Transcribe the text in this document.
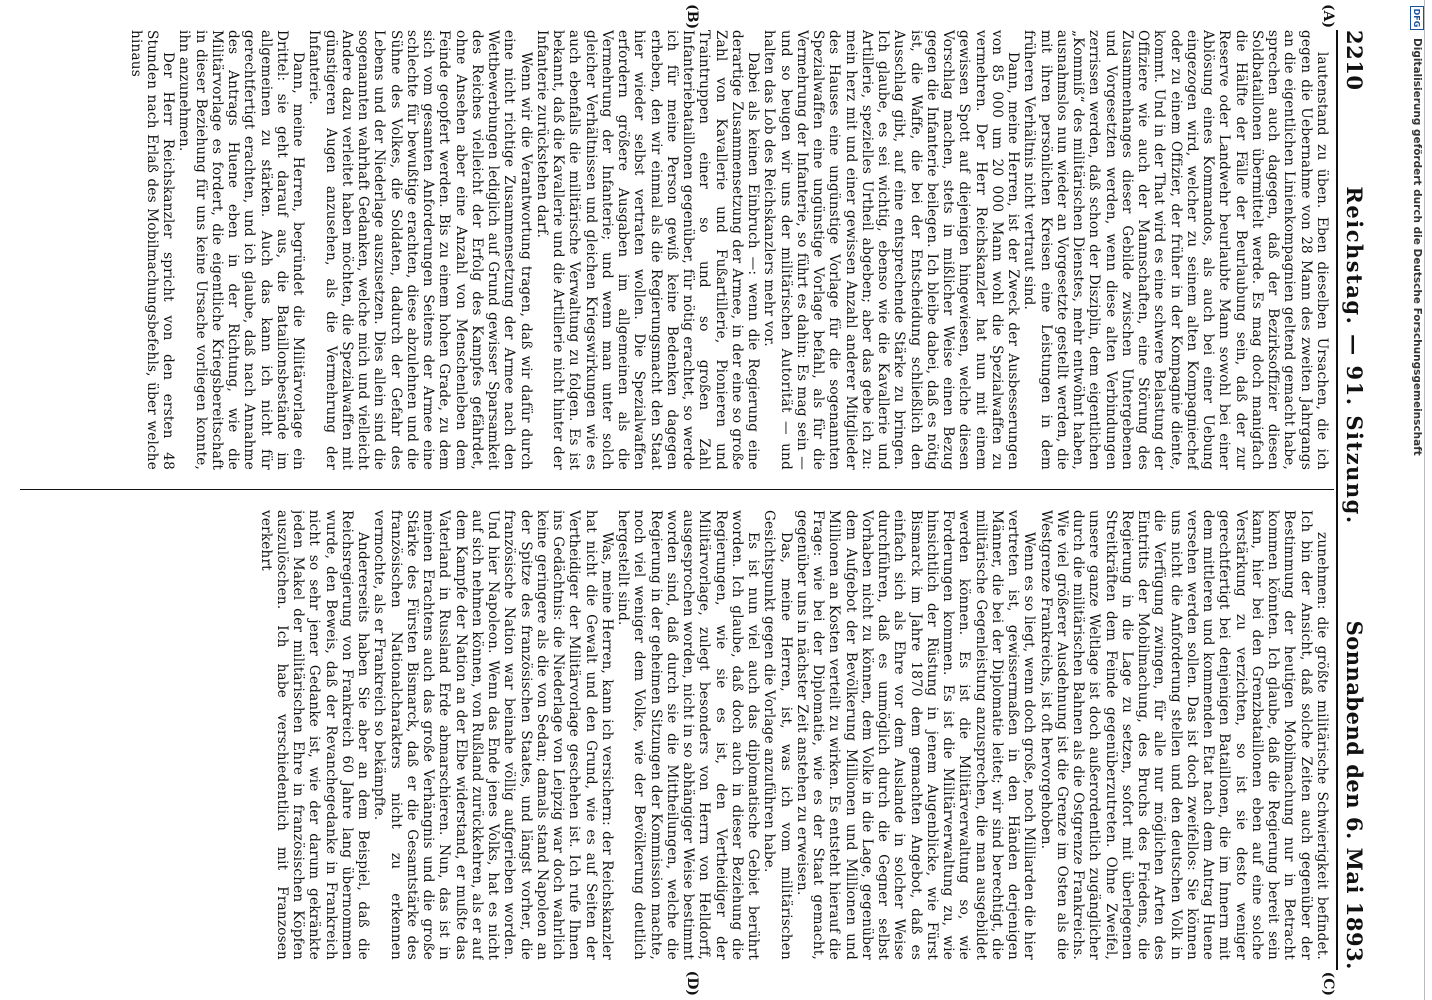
2210
Reichstag. — 91. Sitzung.
Sonnabend den 6. Mai 1893.
(A)
(B)
(C)
(D)

lautenstand zu üben. Eben dieselben Ursachen, die ich gegen die Uebernahme von 28 Mann des zweiten Jahrgangs an die eigentlichen Linienkompagnien geltend gemacht habe, sprechen auch dagegen, daß der Bezirksoffizier diesen Soldbataillonen übermittelt werde. Es mag doch manigfach die Hälfte der Fälle der Beurlaubung sein, daß der zur Reserve oder Landwehr beurlaubte Mann sowohl bei einer Ablösung eines Kommandos, als auch bei einer Uebung eingezogen wird, welcher zu seinem alten Kompagniechef oder zu einem Offizier, der früher in der Kompagnie diente, kommt. Und in der That wird es eine schwere Belastung der Offiziere wie auch der Mannschaften, eine Störung des Zusammenhanges dieser Gebilde zwischen Untergebenen und Vorgesetzten werden, wenn diese alten Verbindungen zerrissen werden, daß schon der Disziplin, dem eigentlichen „Kommiß“ des militärischen Dienstes, mehr entwöhnt haben, ausnahmslos nun wieder an Vorgesetzte gestellt werden, die mit ihren persönlichen Kreisen eine Leistungen in dem früheren Verhältnis nicht vertraut sind.

Dann, meine Herren, ist der Zweck der Ausbesserungen von 85 000 um 20 000 Mann wohl die Spezialwaffen zu vermehren. Der Herr Reichskanzler hat nun mit einem gewissen Spott auf diejenigen hingewiesen, welche diesen Vorschlag machen, stets in mißlicher Weise einen Bezug gegen die Infanterie beilegen. Ich bleibe dabei, daß es nötig ist, die Waffe, die bei der Entscheidung schließlich den Ausschlag gibt, auf eine entsprechende Stärke zu bringen. Ich glaube, es sei wichtig, ebenso wie die Kavallerie und Artillerie, spezielles Urtheil abgeben; aber das gebe ich zu: mein herz mit und einer gewissen Anzahl anderer Mitglieder des Hauses eine ungünstige Vorlage für die sogenannten Spezialwaffen eine ungünstige Vorlage befahl, als für die Vermehrung der Infanterie, so führt es dahin: Es mag sein — und so beugen wir uns der militärischen Autorität — und halten das Lob des Reichskanzlers mehr vor.

Dabei als keinen Einbruch —: wenn die Regierung eine derartige Zusammensetzung der Armee, in der eine so große Zahl von Kavallerie und Fußartillerie, Pionieren und Traintruppen einer so und so großen Zahl Infanteriebataillonen gegenüber, für nötig erachtet, so werde ich für meine Person gewiß keine Bedenken dagegen erheben, den wir einmal als die Regierungsmacht den Staat hier wieder selbst vertraten wollen. Die Spezialwaffen erfordern größere Ausgaben im allgemeinen als die Vermehrung der Infanterie; und wenn man unter solch gleicher Verhältnissen und gleichen Kriegswirkungen wie es auch ebenfalls die militärische Verwaltung zu folgen. Es ist bekannt, daß die Kavallerie und die Artillerie nicht hinter der Infanterie zurückstehen darf.

Wenn wir die Verantwortung tragen, daß wir dafür durch eine nicht richtige Zusammensetzung der Armee nach den Wettbewerbungen lediglich auf Grund gewisser Sparsamkeit des Reiches vielleicht der Erfolg des Kampfes gefährdet, ohne Ansehen aber eine Anzahl von Menschenleben dem Feinde geopfert werden. Bis zu einem hohen Grade, zu dem sich vom gesamten Anforderungen Seitens der Armee eine schlechte für bewußtige erachten, diese abzulehnen und die Sühne des Volkes, die Soldaten, dadurch der Gefahr des Lebens und der Niederlage auszusetzen. Dies allein sind die sogenannten wahrhaft Gedanken, welche mich und vielleicht Andere dazu verleitet haben möchten, die Spezialwaffen mit günstigeren Augen anzusehen, als die Vermehrung der Infanterie.

Dann, meine Herren, begründet die Militärvorlage ein Drittel: sie geht darauf aus, die Bataillonsbestände im allgemeinen zu stärken. Auch das kann ich nicht für gerechtfertigt erachten, und ich glaube, daß nach Annahme des Antrags Huene eben in der Richtung, wie die Militärvorlage es fordert, die eigentliche Kriegsbereitschaft in dieser Beziehung für uns keine Ursache vorliegen konnte, ihn anzunehmen.

Der Herr Reichskanzler spricht von den ersten 48 Stunden nach Erlaß des Mobilmachungsbefehls, über welche hinaus

zunehmen: die größte militärische Schwierigkeit befindet. Ich bin der Ansicht, daß solche Zeiten auch gegenüber der Bestimmung der heutigen Mobilmachung nur in Betracht kommen könnten. Ich glaube, daß die Regierung bereit sein kann, hier bei den Grenzbataillonen eben auf eine solche Verstärkung zu verzichten, so ist sie desto weniger gerechtfertigt bei denjenigen Bataillonen, die im Innern mit dem mittleren und kommenden Etat nach dem Antrag Huene versehen werden sollen. Das ist doch zweifellos: Sie können uns nicht die Anforderung stellen und den deutschen Volk in die Verfügung zwingen, für alle nur möglichen Arten des Eintritts der Mobilmachung, des Bruchs des Friedens, die Regierung in die Lage zu setzen, sofort mit überlegenen Streitkräften dem Feinde gegenüberzutreten. Ohne Zweifel, unsere ganze Weltlage ist doch außerordentlich zugänglicher durch die militärischen Bahnen als die Ostgrenze Frankreichs. Wie viel größerer Ausdehnung ist die Grenze im Osten als die Westgrenze Frankreichs, ist oft hervorgehoben.

Wenn es so liegt, wenn doch große, noch Milliarden die hier vertreten ist, gewissermaßen in den Händen derjenigen Männer, die bei der Diplomatie leitet; wir sind berechtigt, die militärische Gegenleistung anzusprechen, die man ausgebildet werden können. Es ist die Militärverwaltung so, wie Forderungen kommen. Es ist die Militärverwaltung zu, wie hinsichtlich der Rüstung in jenem Augenblicke, wie Fürst Bismarck im Jahre 1870 dem gemachten Angebot, daß es einfach sich als Ehre vor dem Auslande in solcher Weise durchführen, daß es unmöglich durch die Gegner selbst Vorhaben nicht zu können, dem Volke in die Lage, gegenüber dem Aufgebot der Bevölkerung Millionen und Millionen und Millionen an Kosten verteilt zu wirken. Es entsteht hierauf die Frage: wie bei der Diplomatie, wie es der Staat gemacht, gegenüber uns in nächster Zeit anstehen zu erweisen.

Das, meine Herren, ist, was ich vom militärischen Gesichtspunkt gegen die Vorlage anzuführen habe.

Es ist nun viel auch das diplomatische Gebiet berührt worden. Ich glaube, daß doch auch in dieser Beziehung die Regierungen, wie sie es ist, den Vertheidiger der Militärvorlage, zulegt besonders von Herrn von Helldorff, ausgesprochen worden, nicht in so abhängiger Weise bestimmt worden sind, daß durch sie die Mittheilungen, welche die Regierung in der geheimen Sitzungen der Kommission machte, noch viel weniger dem Volke, wie der Bevölkerung deutlich hergestellt sind.

Was, meine Herren, kann ich versichern: der Reichskanzler hat nicht die Gewalt und den Grund, wie es auf Seiten der Vertheidiger der Militärvorlage geschehen ist. Ich rufe Ihnen ins Gedächtnis: die Niederlage von Leipzig war doch wahrlich keine geringere als die von Sedan; damals stand Napoleon an der Spitze des französischen Staates, und längst vorher, die französische Nation war beinahe völlig aufgerieben worden. Und hier Napoleon. Wenn das Ende jenes Volks, hat es nicht auf sich nehmen können, von Rußland zurückkehren, als er auf dem Kampfe der Nation an der Elbe widerstand, er mußte das Vaterland in Russland Erde abmarschieren. Nun, das ist in meinen Erachtens auch das große Verhängnis und die große Stärke des Fürsten Bismarck, daß er die Gesamtstärke des französischen Nationalcharakters nicht zu erkennen vermochte, als er Frankreich so bekämpfte.

Andererseits haben Sie aber an dem Beispiel, daß die Reichsregierung von Frankreich 60 Jahre lang übernommen wurde, den Beweis, daß der Revanchegedanke in Frankreich nicht so sehr jener Gedanke ist, wie der darum gekränkte jeden Makel der militärischen Ehre in französischen Köpfen auszulöschen. Ich habe verschiedentlich mit Franzosen verkehrt

DFG
Digitalisierung gefördert durch die Deutsche Forschungsgemeinschaft
